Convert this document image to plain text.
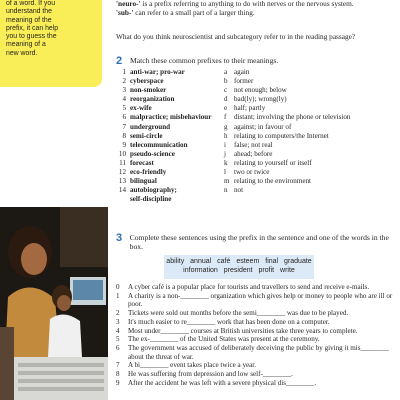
of a word. If you

understand the

meaning of the

prefix, it can help

you to guess the

meaning of a

new word.

'neuro-' is a prefix referring to anything to do with nerves or the nervous system.

'sub-' can refer to a small part of a larger thing.

What do you think neuroscientist and subcategory refer to in the reading passage?
2	Match these common prefixes to their meanings.
1 anti-war; pro-war	a again
2 cyberspace	b former
3 non-smoker	c not enough; below
4 reorganization	d bad(ly); wrong(ly)
5 ex-wife	e half; partly
6 malpractice; misbehaviour	f	distant; involving the phone or television
7 underground	g against; in favour of
8 semi-circle	h relating to computers/the Internet
9 telecommunication	i	false; not real
10 pseudo-science	j	ahead; before
11 forecast	k relating to yourself or itself
12 eco-friendly	l	two or twice
13 bilingual	m relating to the environment
14 autobiography;	n not
self-discipline
3 Complete these sentences using the prefix in the sentence and one of the words in the box.
ability annual café esteem final graduate
information president profit write
0	A cyber café is a popular place for tourists and travellers to send and receive e-mails.
1	A charity is a non-________ organization which gives help or money to people who are ill or poor.
2	Tickets were sold out months before the semi________ was due to be played.
3	It's much easier to re________ work that has been done on a computer.
4	Most under________ courses at British universities take three years to complete.
5	The ex-________ of the United States was present at the ceremony.
6	The government was accused of deliberately deceiving the public by giving it mis________ about the threat of war.
7	A bi________ event takes place twice a year.
8	He was suffering from depression and low self-________.
9	After the accident he was left with a severe physical dis________.
